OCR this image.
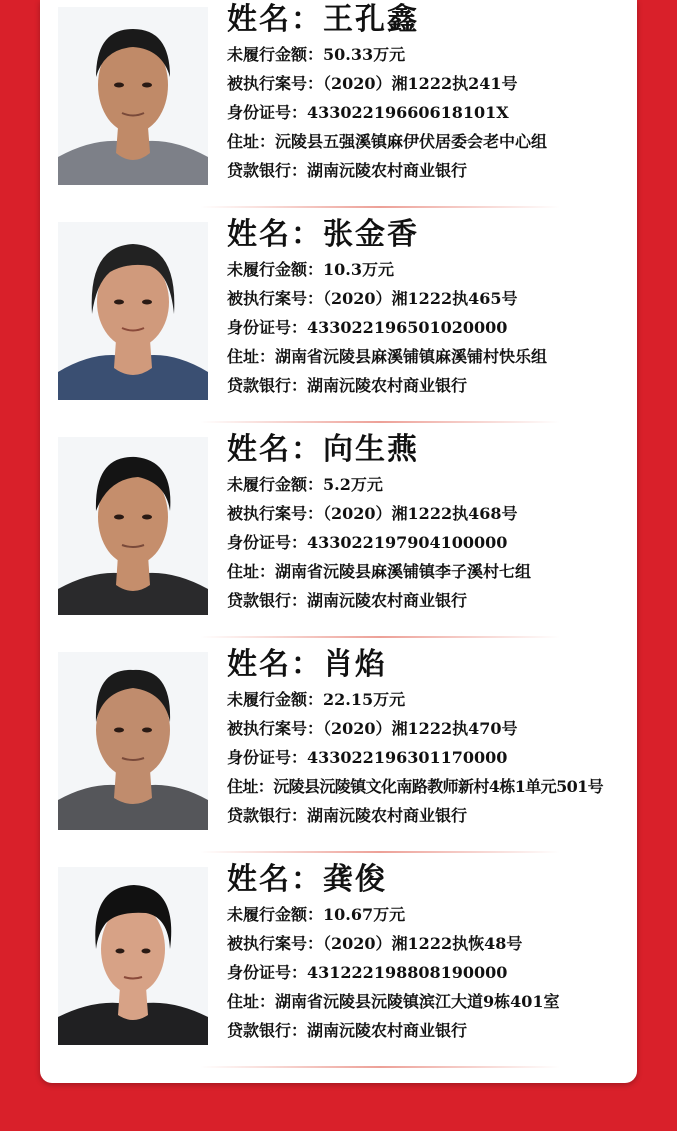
姓名：王孔鑫
未履行金额：50.33万元
被执行案号：（2020）湘1222执241号
身份证号：43302219660618101X
住址：沅陵县五强溪镇麻伊伏居委会老中心组
贷款银行：湖南沅陵农村商业银行
姓名：张金香
未履行金额：10.3万元
被执行案号：（2020）湘1222执465号
身份证号：433022196501020000
住址：湖南省沅陵县麻溪铺镇麻溪铺村快乐组
贷款银行：湖南沅陵农村商业银行
姓名：向生燕
未履行金额：5.2万元
被执行案号：（2020）湘1222执468号
身份证号：433022197904100000
住址：湖南省沅陵县麻溪铺镇李子溪村七组
贷款银行：湖南沅陵农村商业银行
姓名：肖焰
未履行金额：22.15万元
被执行案号：（2020）湘1222执470号
身份证号：433022196301170000
住址：沅陵县沅陵镇文化南路教师新村4栋1单元501号
贷款银行：湖南沅陵农村商业银行
姓名：龚俊
未履行金额：10.67万元
被执行案号：（2020）湘1222执恢48号
身份证号：431222198808190000
住址：湖南省沅陵县沅陵镇滨江大道9栋401室
贷款银行：湖南沅陵农村商业银行
